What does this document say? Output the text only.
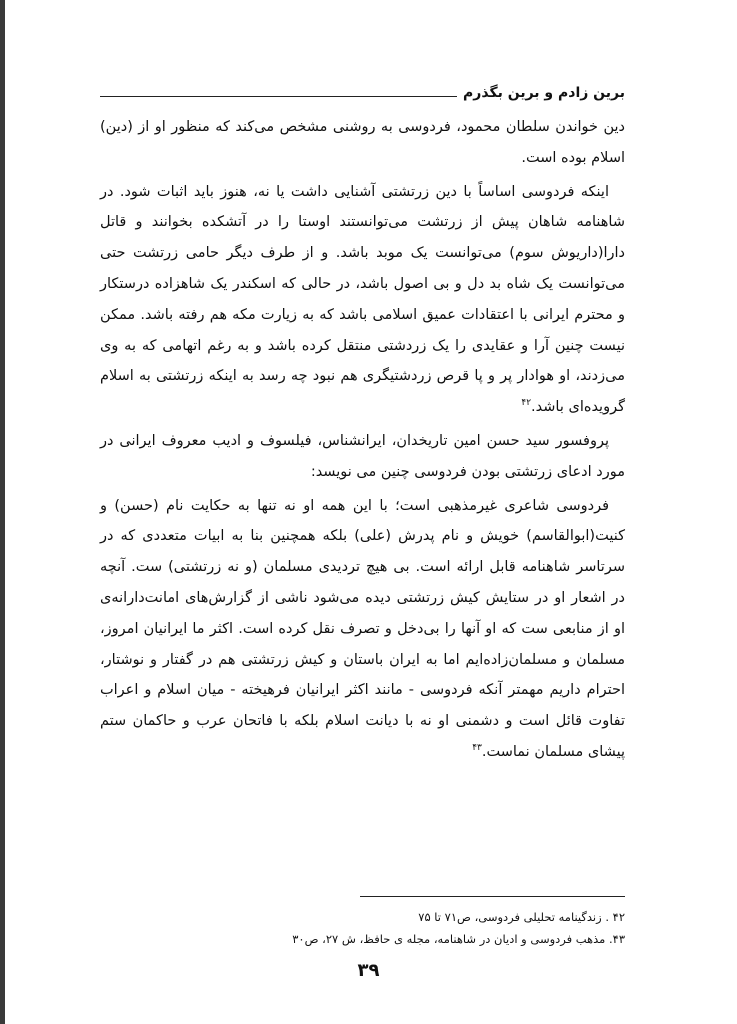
برین زادم و برین بگذرم

دین خواندن سلطان محمود، فردوسی به روشنی مشخص می‌کند که منظور او از (دین) اسلام بوده است.

اینکه فردوسی اساساً با دین زرتشتی آشنایی داشت یا نه، هنوز باید اثبات شود. در شاهنامه شاهان پیش از زرتشت می‌توانستند اوستا را در آتشکده بخوانند و قاتل دارا(داریوش سوم) می‌توانست یک موبد باشد. و از طرف دیگر حامی زرتشت حتی می‌توانست یک شاه بد دل و بی اصول باشد، در حالی که اسکندر یک شاهزاده درستکار و محترم ایرانی با اعتقادات عمیق اسلامی باشد که به زیارت مکه هم رفته باشد. ممکن نیست چنین آرا و عقایدی را یک زردشتی منتقل کرده باشد و به رغم اتهامی که به وی می‌زدند، او هوادار پر و پا قرص زردشتیگری هم نبود چه رسد به اینکه زرتشتی به اسلام گرویده‌ای باشد.$^{۴۲}$

پروفسور سید حسن امین تاریخدان، ایرانشناس، فیلسوف و ادیب معروف ایرانی در مورد ادعای زرتشتی بودن فردوسی چنین می نویسد:

فردوسی شاعری غیرمذهبی است؛ با این همه او نه تنها به حکایت نام (حسن) و کنیت(ابوالقاسم) خویش و نام پدرش (علی) بلکه همچنین بنا به ابیات متعددی که در سرتاسر شاهنامه قابل ارائه است. بی هیچ تردیدی مسلمان (و نه زرتشتی) ست. آنچه در اشعار او در ستایش کیش زرتشتی دیده می‌شود ناشی از گزارش‌های امانت‌دارانه‌ی او از منابعی ست که او آنها را بی‌دخل و تصرف نقل کرده است. اکثر ما ایرانیان امروز، مسلمان و مسلمان‌زاده‌ایم اما به ایران باستان و کیش زرتشتی هم در گفتار و نوشتار، احترام داریم مهمتر آنکه فردوسی - مانند اکثر ایرانیان فرهیخته - میان اسلام و اعراب تفاوت قائل است و دشمنی او نه با دیانت اسلام بلکه با فاتحان عرب و حاکمان ستم پیشای مسلمان نماست.$^{۴۳}$

۴۲ . زندگینامه تحلیلی فردوسی، ص۷۱ تا ۷۵
۴۳. مذهب فردوسی و ادیان در شاهنامه، مجله ی حافظ، ش ۲۷، ص۳۰
۳۹
